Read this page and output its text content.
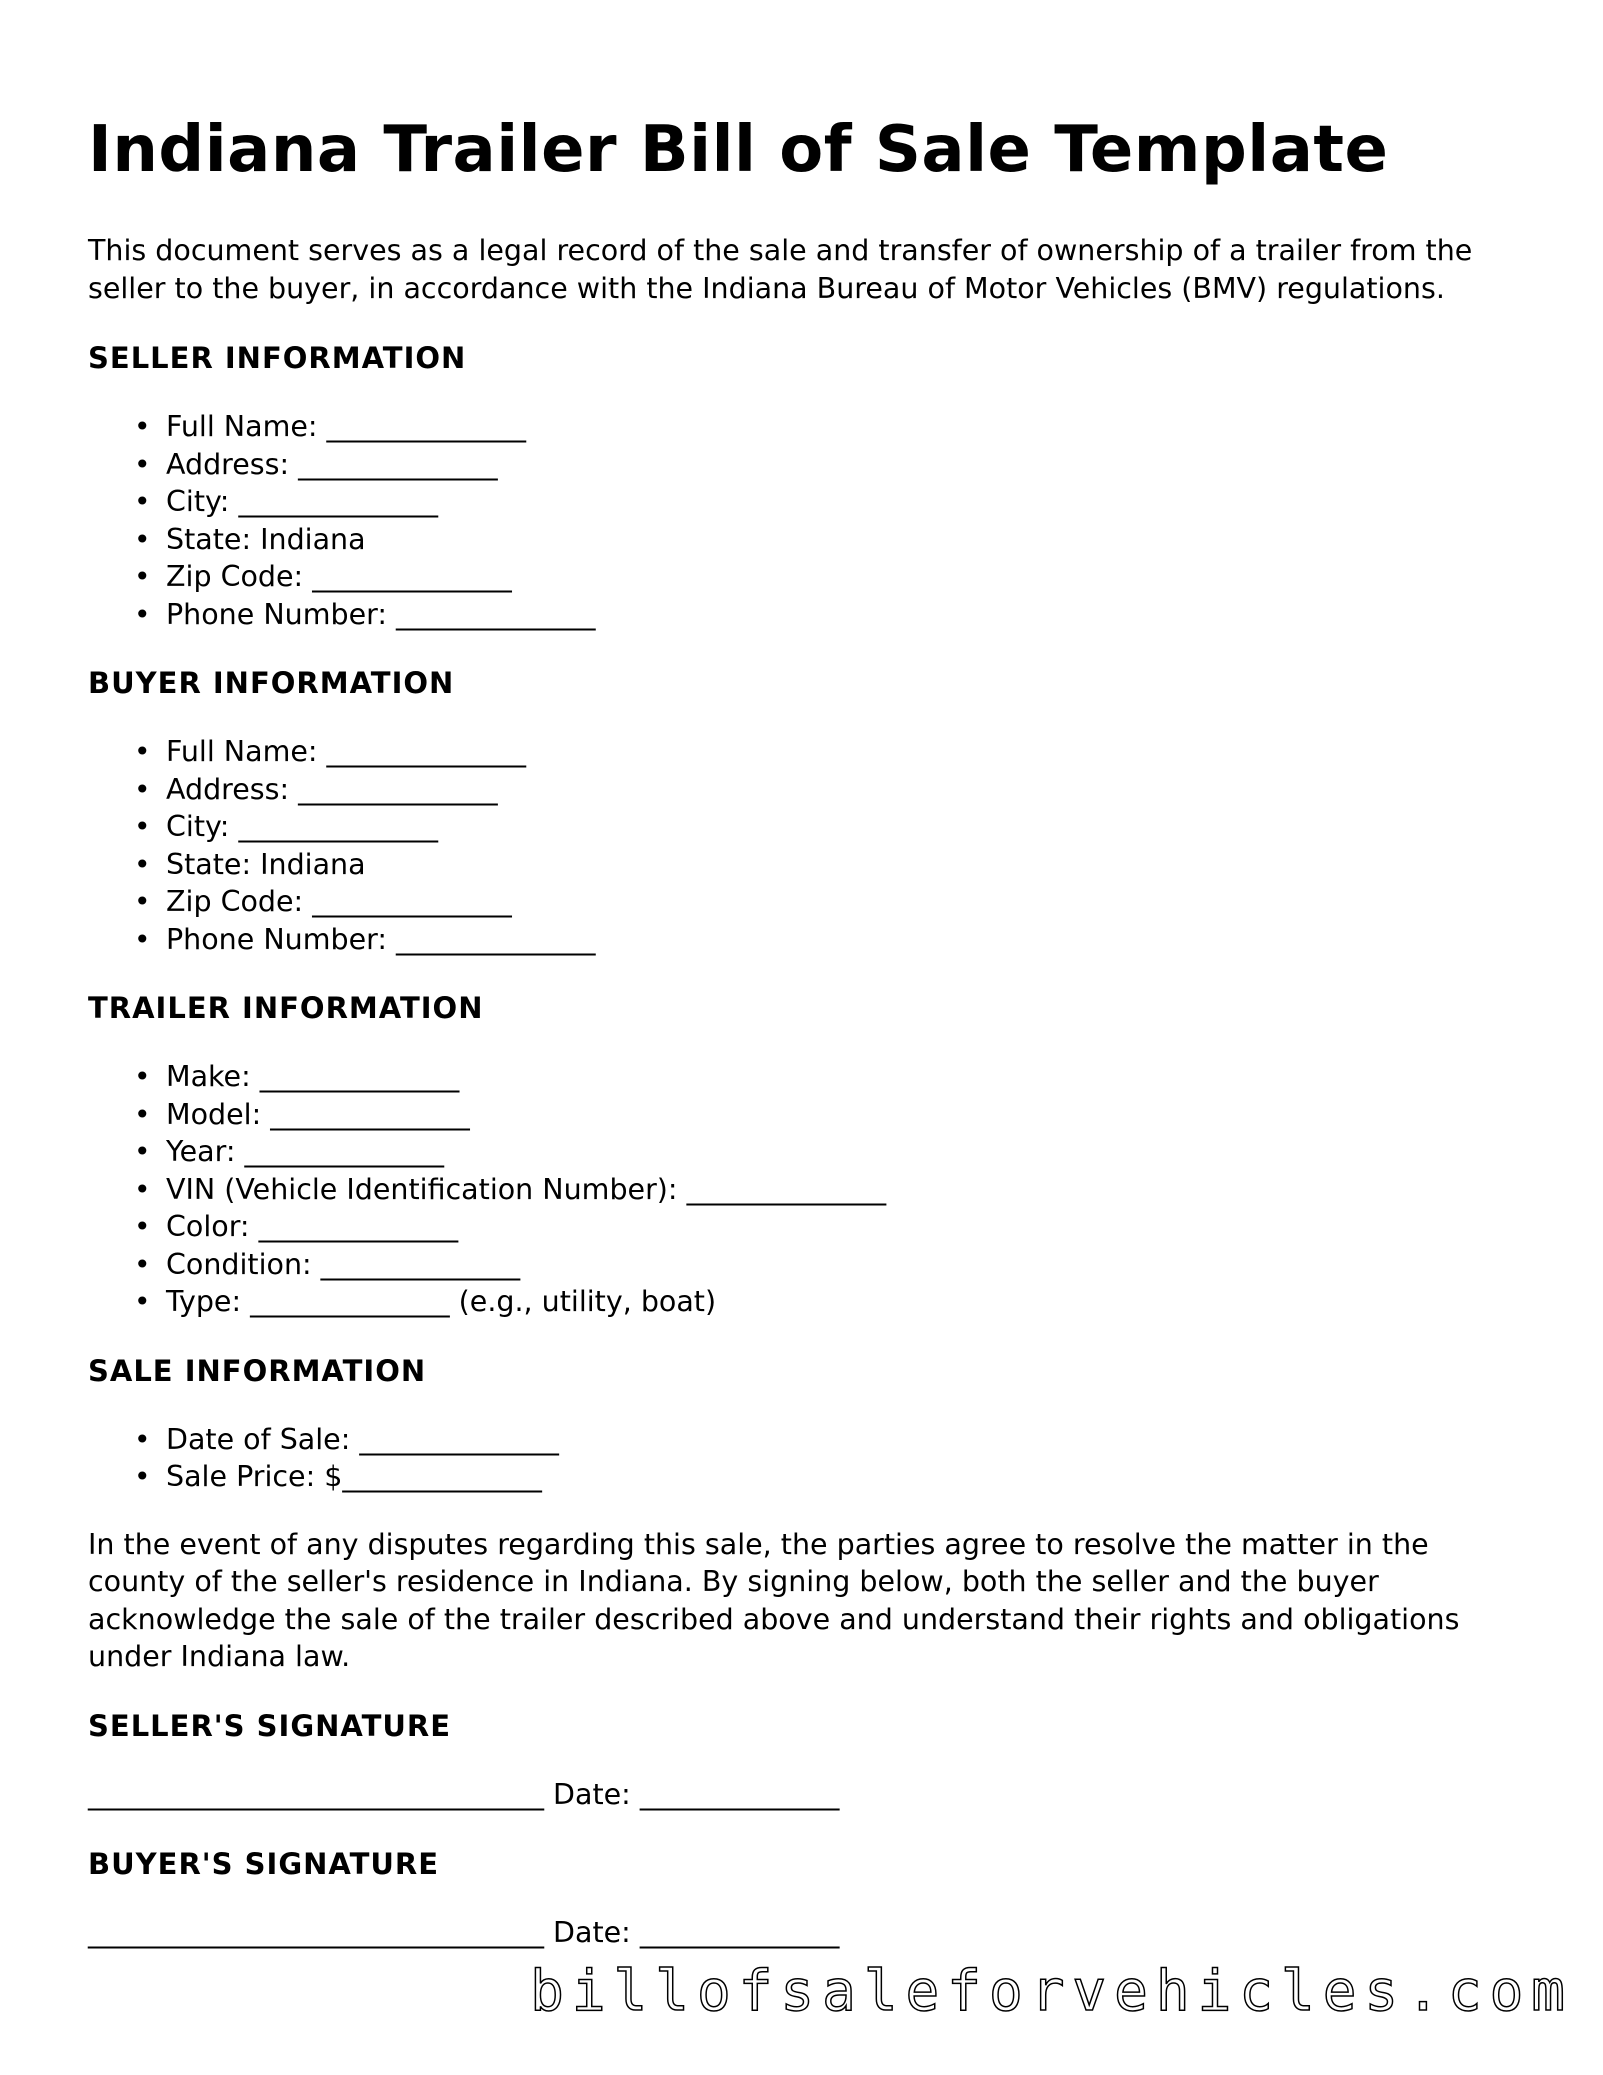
Indiana Trailer Bill of Sale Template

This document serves as a legal record of the sale and transfer of ownership of a trailer from the seller to the buyer, in accordance with the Indiana Bureau of Motor Vehicles (BMV) regulations.

SELLER INFORMATION
• Full Name: ______________
• Address: ______________
• City: ______________
• State: Indiana
• Zip Code: ______________
• Phone Number: ______________
BUYER INFORMATION
• Full Name: ______________
• Address: ______________
• City: ______________
• State: Indiana
• Zip Code: ______________
• Phone Number: ______________
TRAILER INFORMATION
• Make: ______________
• Model: ______________
• Year: ______________
• VIN (Vehicle Identification Number): ______________
• Color: ______________
• Condition: ______________
• Type: ______________ (e.g., utility, boat)
SALE INFORMATION
• Date of Sale: ______________
• Sale Price: $______________

In the event of any disputes regarding this sale, the parties agree to resolve the matter in the county of the seller's residence in Indiana. By signing below, both the seller and the buyer acknowledge the sale of the trailer described above and understand their rights and obligations under Indiana law.

SELLER'S SIGNATURE
________________________________ Date: ______________
BUYER'S SIGNATURE
________________________________ Date: ______________
billofsaleforvehicles.com
